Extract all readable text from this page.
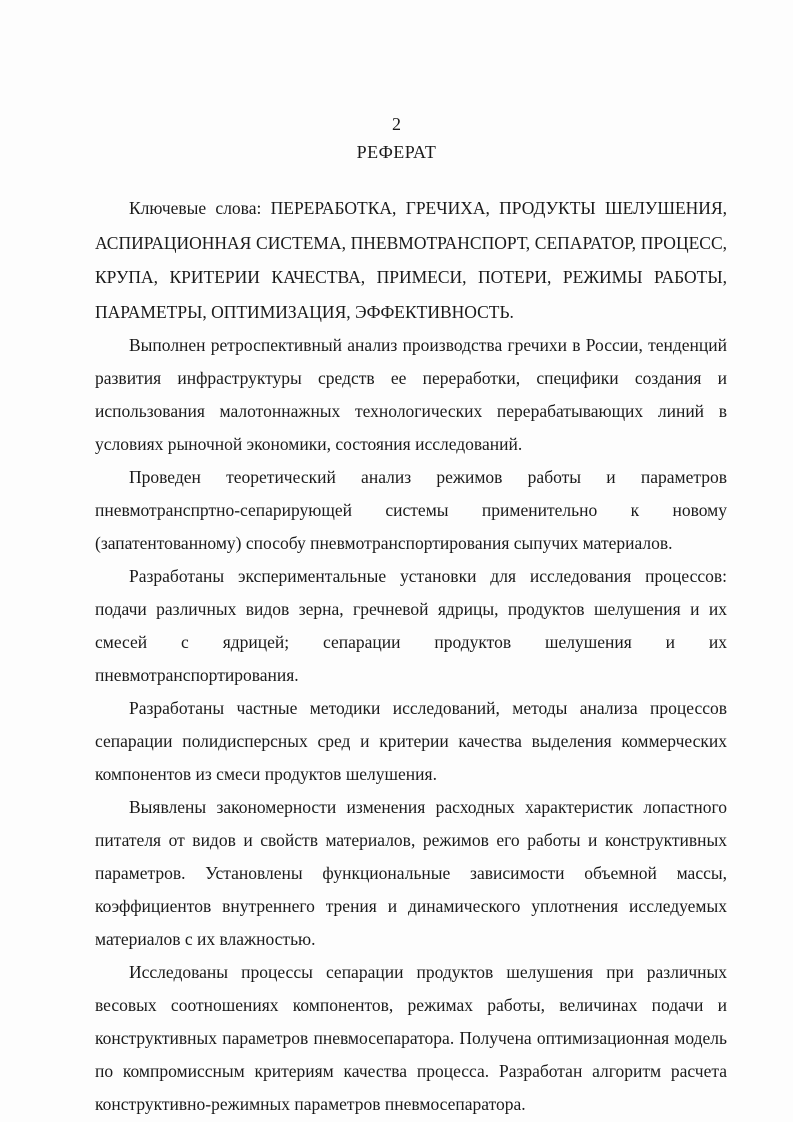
2
РЕФЕРАТ

Ключевые слова: ПЕРЕРАБОТКА, ГРЕЧИХА, ПРОДУКТЫ ШЕЛУШЕНИЯ, АСПИРАЦИОННАЯ СИСТЕМА, ПНЕВМОТРАНСПОРТ, СЕПАРАТОР, ПРОЦЕСС, КРУПА, КРИТЕРИИ КАЧЕСТВА, ПРИМЕСИ, ПОТЕРИ, РЕЖИМЫ РАБОТЫ, ПАРАМЕТРЫ, ОПТИМИЗАЦИЯ, ЭФФЕКТИВНОСТЬ.

Выполнен ретроспективный анализ производства гречихи в России, тенденций развития инфраструктуры средств ее переработки, специфики создания и использования малотоннажных технологических перерабатывающих линий в условиях рыночной экономики, состояния исследований.

Проведен теоретический анализ режимов работы и параметров пневмотранспртно-сепарирующей системы применительно к новому (запатентованному) способу пневмотранспортирования сыпучих материалов.

Разработаны экспериментальные установки для исследования процессов: подачи различных видов зерна, гречневой ядрицы, продуктов шелушения и их смесей с ядрицей; сепарации продуктов шелушения и их пневмотранспортирования.

Разработаны частные методики исследований, методы анализа процессов сепарации полидисперсных сред и критерии качества выделения коммерческих компонентов из смеси продуктов шелушения.

Выявлены закономерности изменения расходных характеристик лопастного питателя от видов и свойств материалов, режимов его работы и конструктивных параметров. Установлены функциональные зависимости объемной массы, коэффициентов внутреннего трения и динамического уплотнения исследуемых материалов с их влажностью.

Исследованы процессы сепарации продуктов шелушения при различных весовых соотношениях компонентов, режимах работы, величинах подачи и конструктивных параметров пневмосепаратора. Получена оптимизационная модель по компромиссным критериям качества процесса. Разработан алгоритм расчета конструктивно-режимных параметров пневмосепаратора.
